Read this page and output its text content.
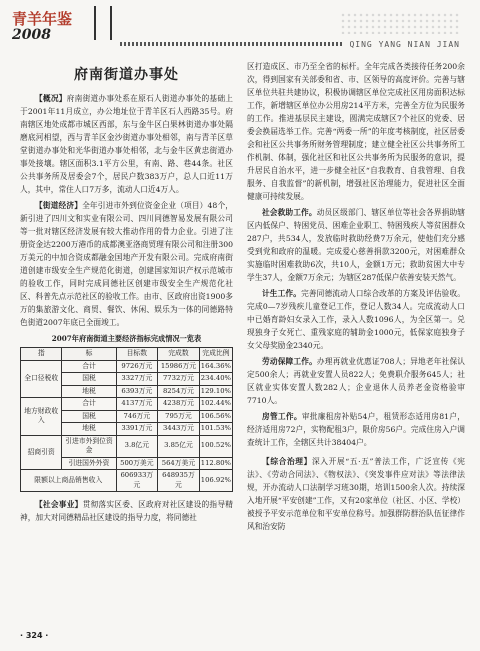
青羊年鉴
2008
QING YANG NIAN JIAN
府南街道办事处

【概况】府南街道办事处系在原石人街道办事处的基础上于2001年11月成立，办公地址位于青羊区石人西路35号。府南辖区地处成都市城区西部，东与金牛区白果林街道办事处隔磨底河相望，西与青羊区金沙街道办事处相邻，南与青羊区草堂街道办事处和光华街道办事处相邻，北与金牛区黄忠街道办事处接壤。辖区面积3.1平方公里，有南、路、巷44条。社区公共事务所及居委会7个，居民户数383万户，总人口近11万人，其中，常住人口7万多，流动人口近4万人。

【街道经济】全年引进市外到位资金企业（项目）48个，新引进了四川文和实业有限公司、四川同德智易发展有限公司等一批对辖区经济发展有较大推动作用的骨力企业。引进了注册资金达2200万港币的成都澳亚洛商贸理有限公司和注册300万美元的中加合资成都融金国地产开发有限公司。完成府南街道创建市级安全生产规范化街道，创建国家知识产权示范城市的验收工作，同时完成同德社区创建市级安全生产规范化社区、科普先点示范社区的验收工作。由市、区政府出资1900多万的集旅游文化、商贸、餐饮、休闲、娱乐为一体的同德路特色街道2007年底已全面竣工。

2007年府南街道主要经济指标完成情况一览表
指	标	目标数	完成数	完成比例
全口径税收	合计	9726万元	15986万元	164.36%
	国税	3327万元	7732万元	234.40%
	地税	6393万元	8254万元	129.10%
地方财政收入	合计	4137万元	4238万元	102.44%
	国税	746万元	795万元	106.56%
	地税	3391万元	3443万元	101.53%
招商引资	引进市外到位资金	3.8亿元	3.85亿元	100.52%
	引进国外外资	500万美元	564万美元	112.80%
限额以上商品销售收入		606933万元	648935万元	106.92%

【社会事业】贯彻落实区委、区政府对社区建设的指导精神，加大对同德精品社区建设的指导力度，将同德社

区打造成区、市乃至全省的标杆。全年完成各类接待任务200余次，得到国家有关部委和省、市、区领导的高度评价。完善与辖区单位共驻共建协议，积极协调辖区单位完成社区用房面积达标工作，新增辖区单位办公用房214平方米，完善全方位为民服务的工作。推进基层民主建设，圆满完成辖区7个社区的党委、居委会换届选举工作。完善“两委一所”的年度考核制度，社区居委会和社区公共事务所财务管理制度；建立健全社区公共事务所工作机制、体制，强化社区和社区公共事务所为民服务的意识，提升居民自治水平，进一步健全社区“自我教育、自我管理、自我服务、自我监督”的新机制，增强社区治理能力，促进社区全面健康可持续发展。

社会救助工作。动员区级部门、辖区单位等社会各界捐助辖区内低保户、特困党员、困难企业职工、特困残疾人等贫困群众287户，共534人，发放临时救助经费7万余元，使他们充分感受到党和政府的温暖。完成爱心慈善捐款3200元，对困难群众实施临时困难救助6次，共10人，金额1万元；救助贫困大中专学生37人，金额7万余元；为辖区287低保户依善安装天然气。

计生工作。完善同德流动人口综合改革的方案及评估验收。完成0—7岁残疾儿童登记工作，登记人数34人。完成流动人口中已婚育龄妇女录入工作，录入人数1096人，为全区第一。兑现独身子女死亡、重残家庭的辅助金1000元，低保家庭独身子女父母奖励金2340元。

劳动保障工作。办理再就业优惠证708人；异地老年社保认定500余人；再就业安置人员822人；免费职介服务645人；社区就业实体安置人数282人；企业退休人员养老金资格验审7710人。

房管工作。审批廉租房补贴54户，租赁形态适用房81户，经济适用房72户，实物配租3户，限价房56户。完成住房入户调查统计工作，全辖区共计38404户。

【综合治理】深入开展“五·五”普法工作，广泛宣传《宪法》、《劳动合同法》、《物权法》、《突发事件应对法》等法律法规，开办流动人口法制学习班30期，培训1500余人次。持续深入地开展“平安创建”工作，又有20家单位（社区、小区、学校）被授予平安示范单位和平安单位称号。加强群防群治队伍征律作风和治安防

· 324 ·
